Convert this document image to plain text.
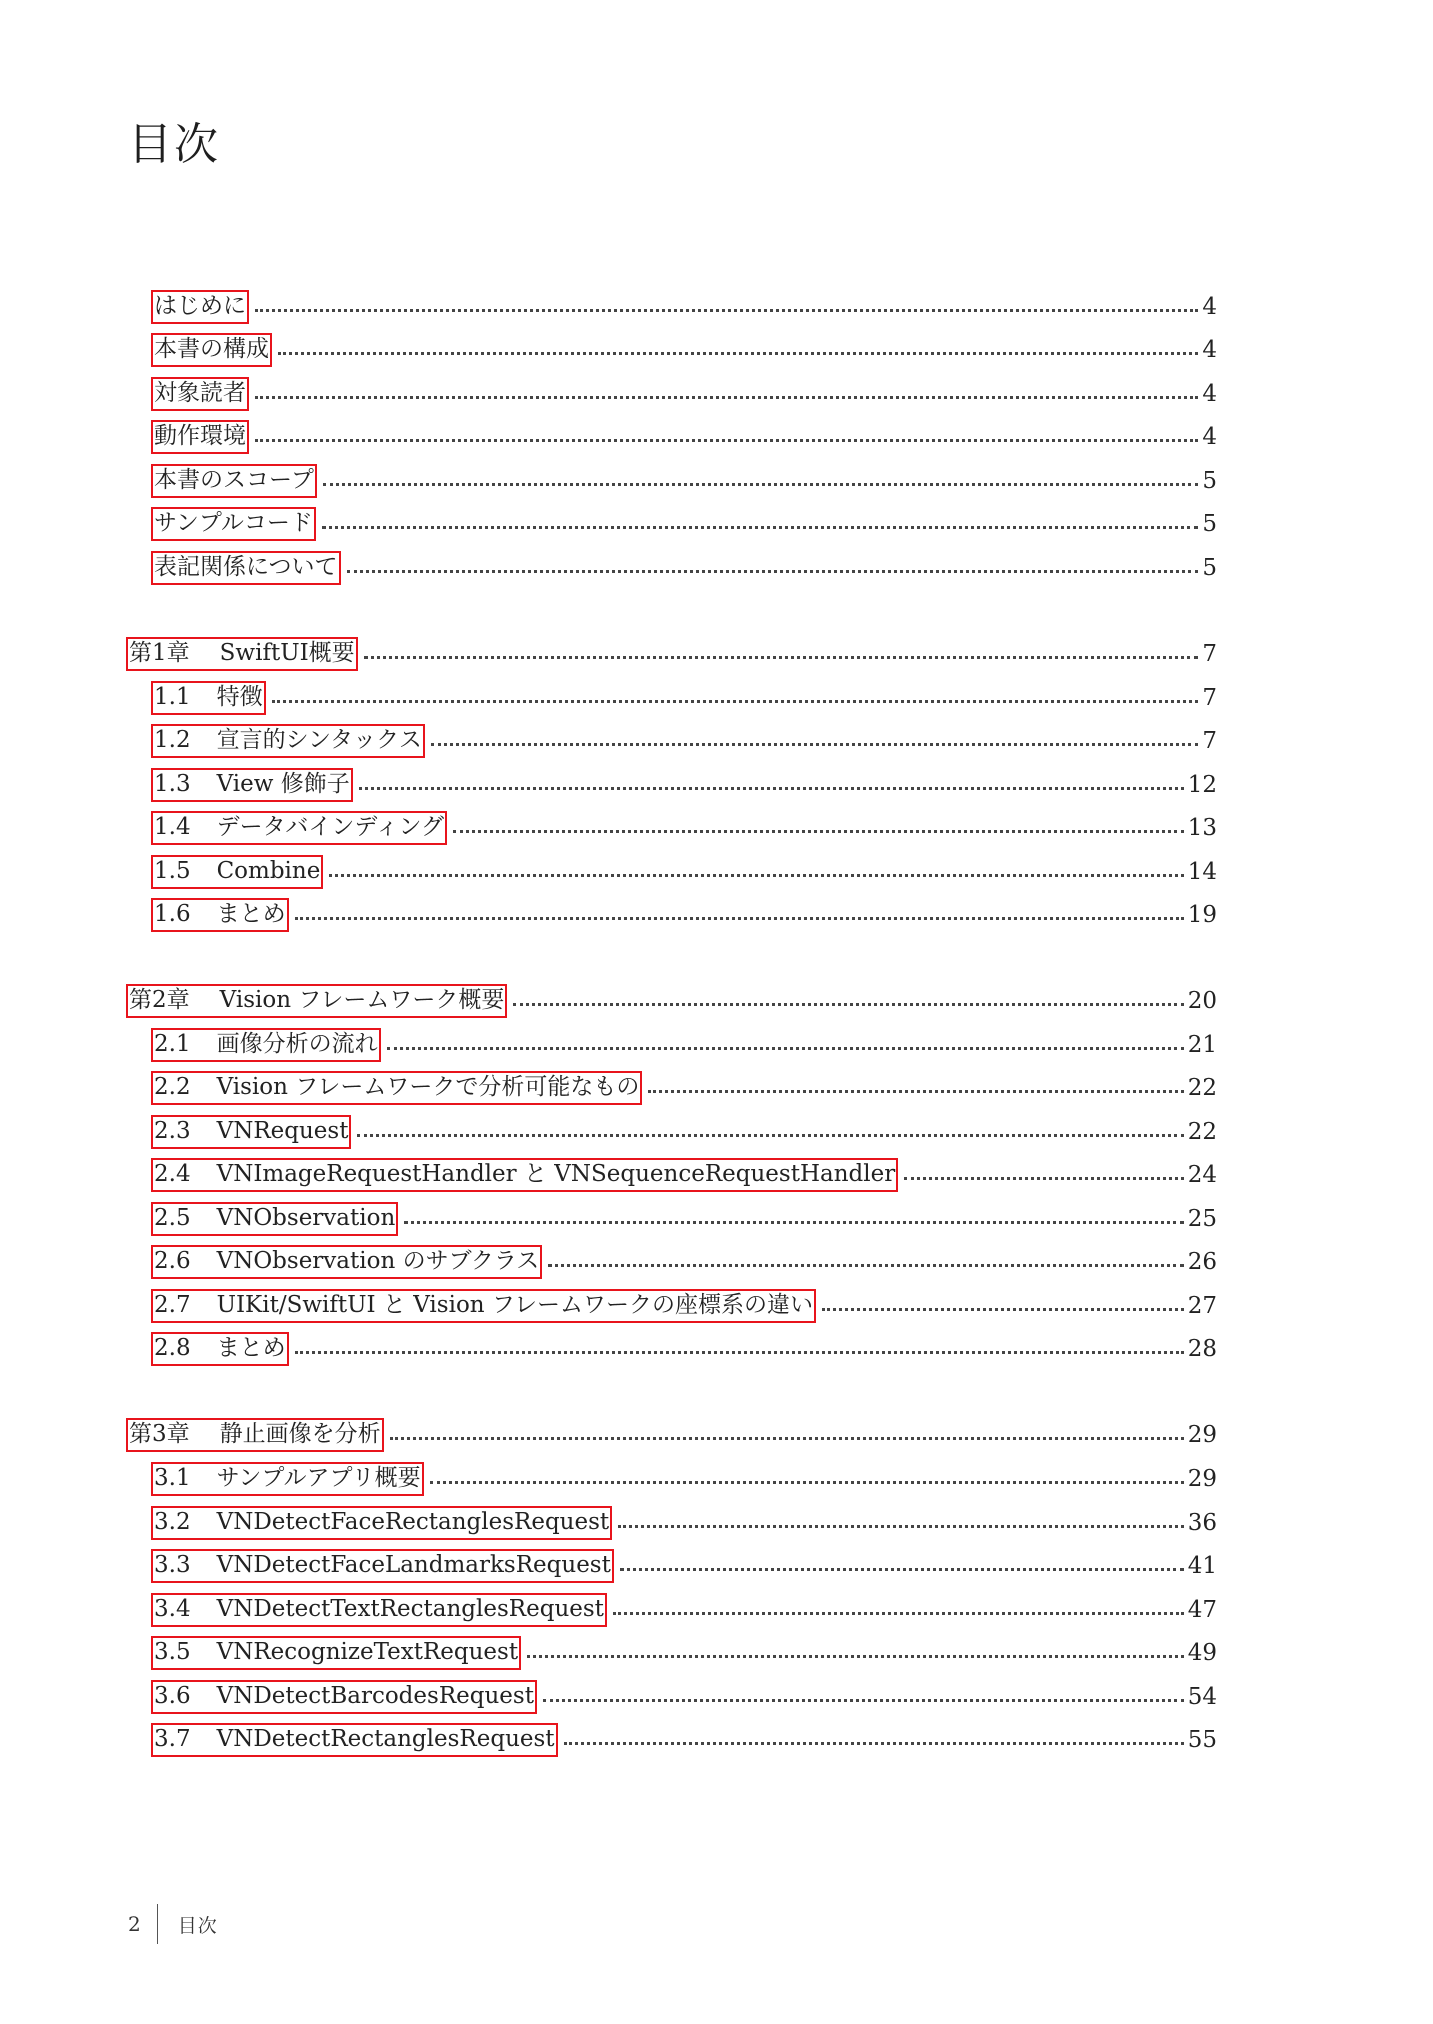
目次
はじめに	4
本書の構成	4
対象読者	4
動作環境	4
本書のスコープ	5
サンプルコード	5
表記関係について	5
第1章 SwiftUI概要	7
1.1 特徴	7
1.2 宣言的シンタックス	7
1.3 View 修飾子	12
1.4 データバインディング	13
1.5 Combine	14
1.6 まとめ	19
第2章 Vision フレームワーク概要	20
2.1 画像分析の流れ	21
2.2 Vision フレームワークで分析可能なもの	22
2.3 VNRequest	22
2.4 VNImageRequestHandler と VNSequenceRequestHandler	24
2.5 VNObservation	25
2.6 VNObservation のサブクラス	26
2.7 UIKit/SwiftUI と Vision フレームワークの座標系の違い	27
2.8 まとめ	28
第3章 静止画像を分析	29
3.1 サンプルアプリ概要	29
3.2 VNDetectFaceRectanglesRequest	36
3.3 VNDetectFaceLandmarksRequest	41
3.4 VNDetectTextRectanglesRequest	47
3.5 VNRecognizeTextRequest	49
3.6 VNDetectBarcodesRequest	54
3.7 VNDetectRectanglesRequest	55
2 目次
